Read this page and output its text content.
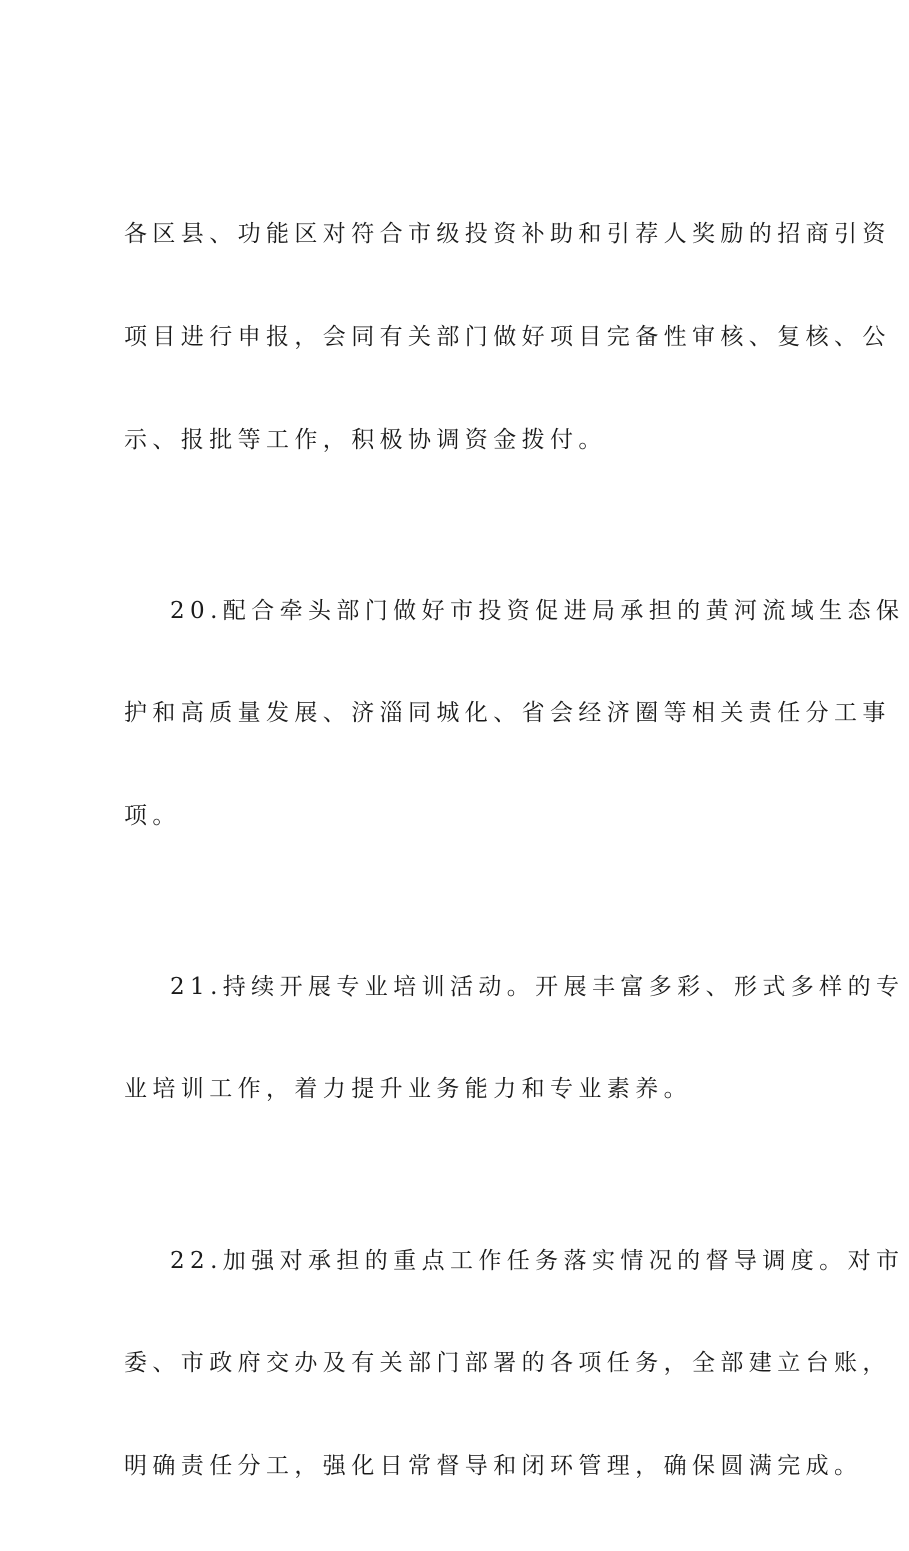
各区县、功能区对符合市级投资补助和引荐人奖励的招商引资

项目进行申报，会同有关部门做好项目完备性审核、复核、公

示、报批等工作，积极协调资金拨付。

20.配合牵头部门做好市投资促进局承担的黄河流域生态保

护和高质量发展、济淄同城化、省会经济圈等相关责任分工事

项。

21.持续开展专业培训活动。开展丰富多彩、形式多样的专

业培训工作，着力提升业务能力和专业素养。

22.加强对承担的重点工作任务落实情况的督导调度。对市

委、市政府交办及有关部门部署的各项任务，全部建立台账，

明确责任分工，强化日常督导和闭环管理，确保圆满完成。
